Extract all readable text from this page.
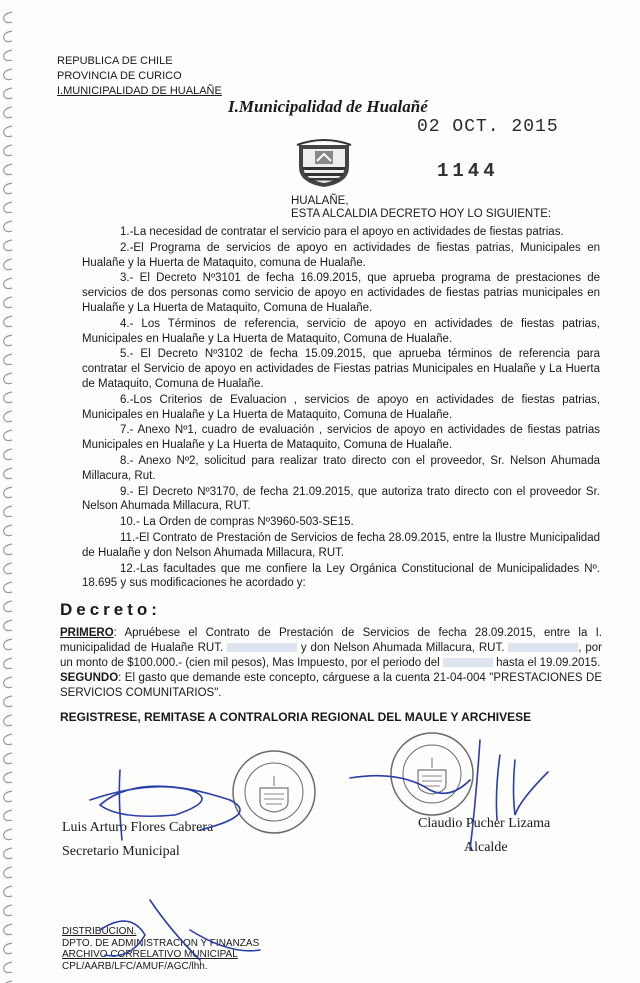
REPUBLICA DE CHILE
PROVINCIA DE CURICO
I.MUNICIPALIDAD DE HUALAÑE
I.Municipalidad de Hualañé
02 OCT. 2015
1144
HUALAÑE,
ESTA ALCALDIA DECRETO HOY LO SIGUIENTE:

1.-La necesidad de contratar el servicio para el apoyo en actividades de fiestas patrias.

2.-El Programa de servicios de apoyo en actividades de fiestas patrias, Municipales en Hualañe y la Huerta de Mataquito, comuna de Hualañe.

3.- El Decreto Nº3101 de fecha 16.09.2015, que aprueba programa de prestaciones de servicios de dos personas como servicio de apoyo en actividades de fiestas patrias municipales en Hualañe y La Huerta de Mataquito, Comuna de Hualañe.

4.- Los Términos de referencia, servicio de apoyo en actividades de fiestas patrias, Municipales en Hualañe y La Huerta de Mataquito, Comuna de Hualañe.

5.- El Decreto Nº3102 de fecha 15.09.2015, que aprueba términos de referencia para contratar el Servicio de apoyo en actividades de Fiestas patrias Municipales en Hualañe y La Huerta de Mataquito, Comuna de Hualañe.

6.-Los Criterios de Evaluacion , servicios de apoyo en actividades de fiestas patrias, Municipales en Hualañe y La Huerta de Mataquito, Comuna de Hualañe.

7.- Anexo Nº1, cuadro de evaluación , servicios de apoyo en actividades de fiestas patrias Municipales en Hualañe y La Huerta de Mataquito, Comuna de Hualañe.

8.- Anexo Nº2, solicitud para realizar trato directo con el proveedor, Sr. Nelson Ahumada Millacura, Rut.

9.- El Decreto Nº3170, de fecha 21.09.2015, que autoriza trato directo con el proveedor Sr. Nelson Ahumada Millacura, RUT.

10.- La Orden de compras Nº3960-503-SE15.

11.-El Contrato de Prestación de Servicios de fecha 28.09.2015, entre la Ilustre Municipalidad de Hualañe y don Nelson Ahumada Millacura, RUT.

12.-Las facultades que me confiere la Ley Orgánica Constitucional de Municipalidades Nº. 18.695 y sus modificaciones he acordado y:

Decreto:

PRIMERO: Apruébese el Contrato de Prestación de Servicios de fecha 28.09.2015, entre la I. municipalidad de Hualañe RUT.	y don Nelson Ahumada Millacura, RUT.	, por un monto de $100.000.- (cien mil pesos), Mas Impuesto, por el periodo del	hasta el 19.09.2015.

SEGUNDO: El gasto que demande este concepto, cárguese a la cuenta 21-04-004 "PRESTACIONES DE SERVICIOS COMUNITARIOS".

REGISTRESE, REMITASE A CONTRALORIA REGIONAL DEL MAULE Y ARCHIVESE
Luis Arturo Flores Cabrera
Secretario Municipal
Claudio Pucher Lizama
Alcalde
DISTRIBUCION.
DPTO. DE ADMINISTRACION Y FINANZAS
ARCHIVO CORRELATIVO MUNICIPAL
CPL/AARB/LFC/AMUF/AGC/lhh.
